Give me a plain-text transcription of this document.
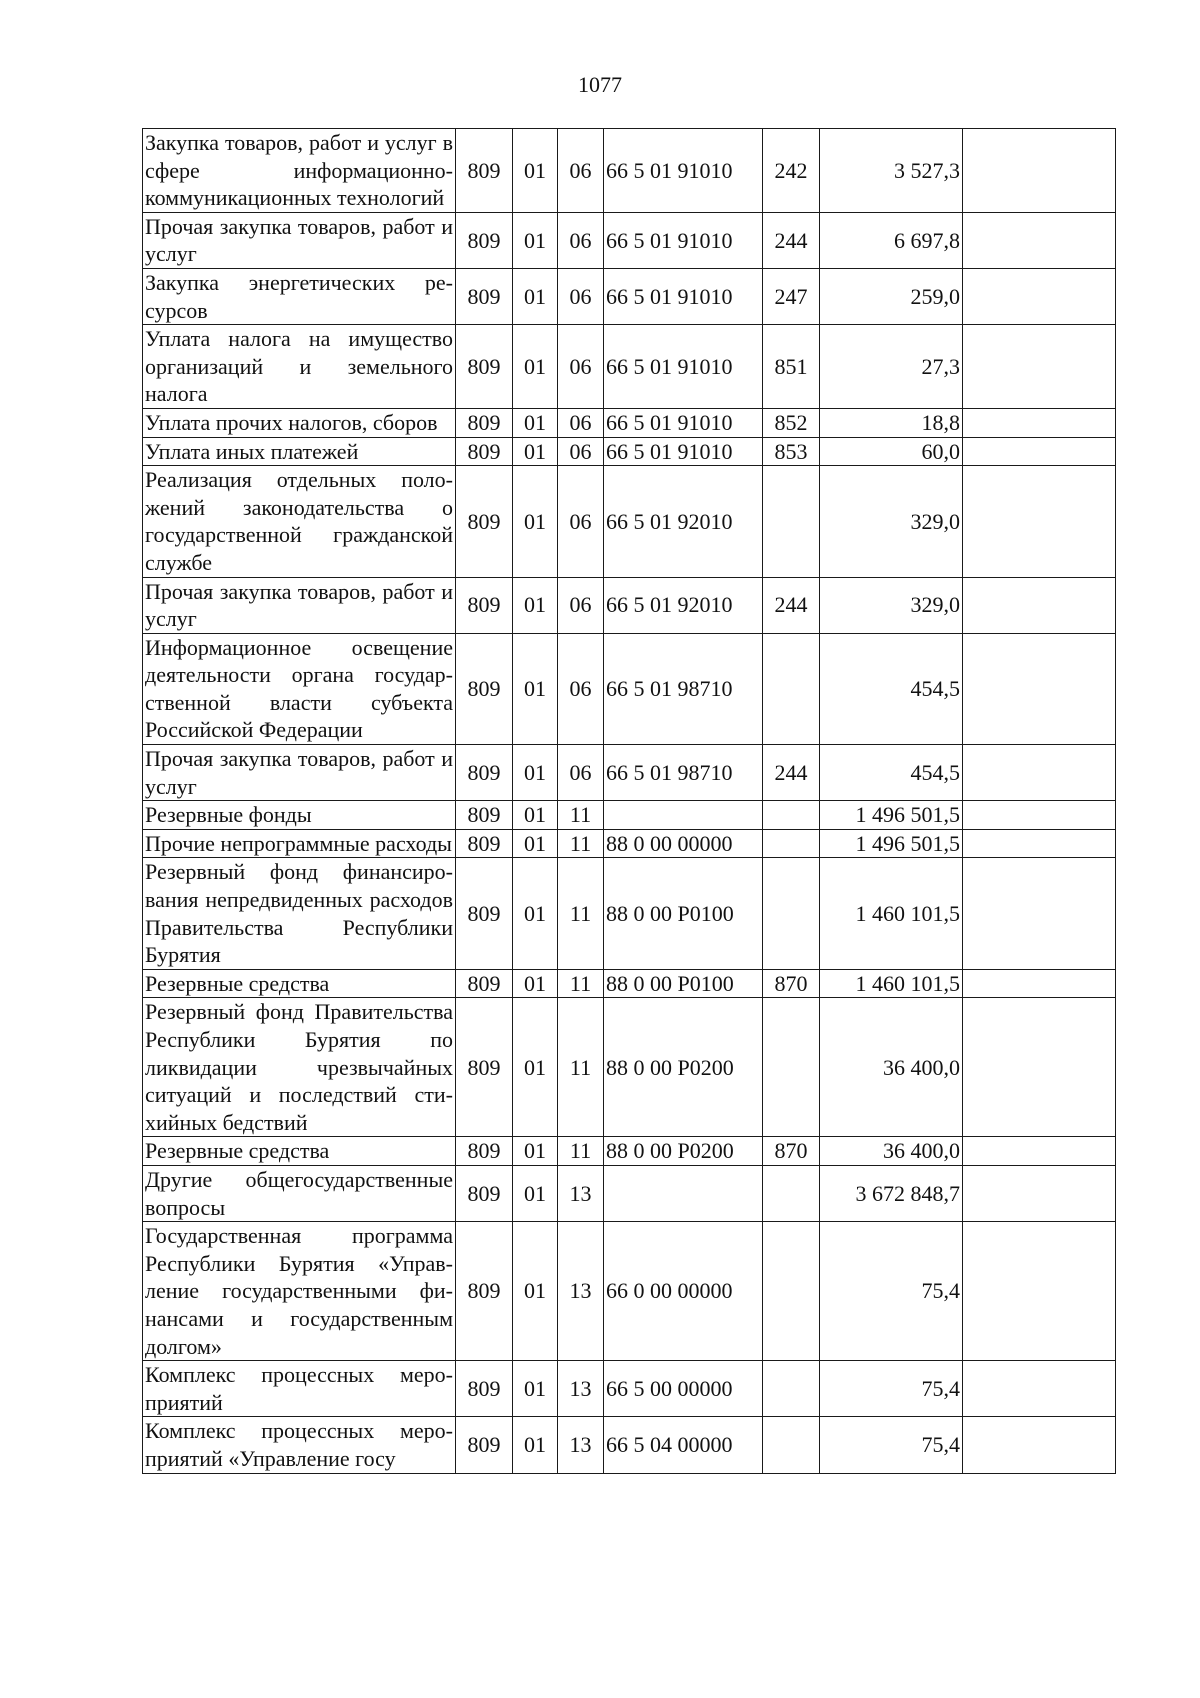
1077
Закупка товаров, работ и услуг в сфере информационно-коммуникационных технологий	809	01	06	66 5 01 91010	242	3 527,3	
Прочая закупка товаров, работ и услуг	809	01	06	66 5 01 91010	244	6 697,8	
Закупка энергетических ресурсов	809	01	06	66 5 01 91010	247	259,0	
Уплата налога на имущество организаций и земельного налога	809	01	06	66 5 01 91010	851	27,3	
Уплата прочих налогов, сборов	809	01	06	66 5 01 91010	852	18,8	
Уплата иных платежей	809	01	06	66 5 01 91010	853	60,0	
Реализация отдельных положений законодательства о государственной гражданской службе	809	01	06	66 5 01 92010		329,0	
Прочая закупка товаров, работ и услуг	809	01	06	66 5 01 92010	244	329,0	
Информационное освещение деятельности органа государственной власти субъекта Российской Федерации	809	01	06	66 5 01 98710		454,5	
Прочая закупка товаров, работ и услуг	809	01	06	66 5 01 98710	244	454,5	
Резервные фонды	809	01	11			1 496 501,5	
Прочие непрограммные расходы	809	01	11	88 0 00 00000		1 496 501,5	
Резервный фонд финансирования непредвиденных расходов Правительства Республики Бурятия	809	01	11	88 0 00 Р0100		1 460 101,5	
Резервные средства	809	01	11	88 0 00 Р0100	870	1 460 101,5	
Резервный фонд Правительства Республики Бурятия по ликвидации чрезвычайных ситуаций и последствий стихийных бедствий	809	01	11	88 0 00 Р0200		36 400,0	
Резервные средства	809	01	11	88 0 00 Р0200	870	36 400,0	
Другие общегосударственные вопросы	809	01	13			3 672 848,7	
Государственная программа Республики Бурятия «Управление государственными финансами и государственным долгом»	809	01	13	66 0 00 00000		75,4	
Комплекс процессных мероприятий	809	01	13	66 5 00 00000		75,4	
Комплекс процессных мероприятий «Управление госу	809	01	13	66 5 04 00000		75,4	
